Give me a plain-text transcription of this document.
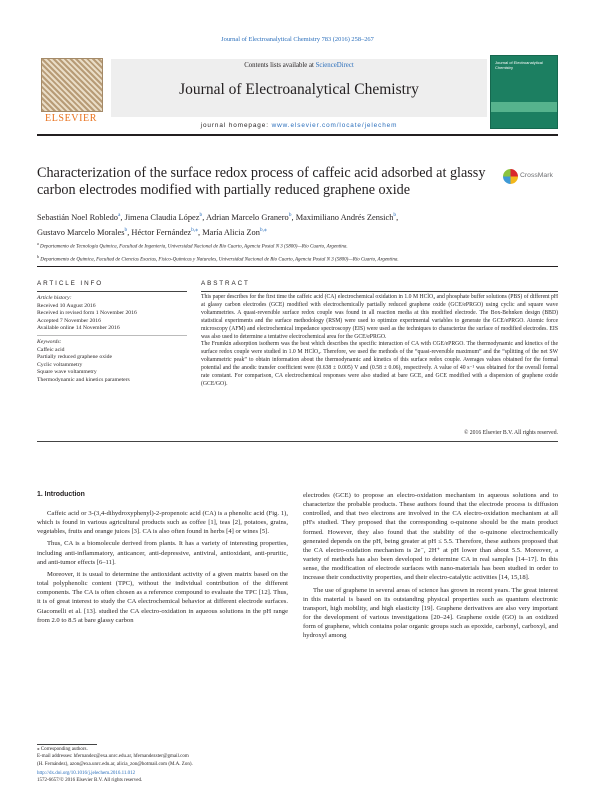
Journal of Electroanalytical Chemistry 783 (2016) 258–267
ELSEVIER
Contents lists available at ScienceDirect
Journal of Electroanalytical Chemistry
journal homepage: www.elsevier.com/locate/jelechem
Journal of Electroanalytical Chemistry
Characterization of the surface redox process of caffeic acid adsorbed at glassy carbon electrodes modified with partially reduced graphene oxide
CrossMark
Sebastián Noel Robledo$^a$, Jimena Claudia López$^b$, Adrian Marcelo Granero$^b$, Maximiliano Andrés Zensich$^b$,
Gustavo Marcelo Morales$^b$, Héctor Fernández$^{b,⁎}$, María Alicia Zon$^{b,⁎}$
$^a$ Departamento de Tecnología Química, Facultad de Ingeniería, Universidad Nacional de Río Cuarto, Agencia Postal N 3 (5800)—Río Cuarto, Argentina.
$^b$ Departamento de Química, Facultad de Ciencias Exactas, Físico-Químicas y Naturales, Universidad Nacional de Río Cuarto, Agencia Postal N 3 (5800)—Río Cuarto, Argentina.
ARTICLE INFO
Article history:
Received 10 August 2016
Received in revised form 1 November 2016
Accepted 7 November 2016
Available online 14 November 2016
Keywords:
Caffeic acid
Partially reduced graphene oxide
Cyclic voltammetry
Square wave voltammetry
Thermodynamic and kinetics parameters
ABSTRACT
This paper describes for the first time the caffeic acid (CA) electrochemical oxidation in 1.0 M HClO₄ and phosphate buffer solutions (PBS) of different pH at glassy carbon electrodes (GCE) modified with electrochemically partially reduced graphene oxide (GCE/ePRGO) using cyclic and square wave voltammetries. A quasi-reversible surface redox couple was found in all reaction media at this modified electrode. The Box-Behnken design (BBD) statistical experiments and the surface methodology (RSM) were used to optimize experimental variables to generate the GCE/ePRGO. Atomic force microscopy (AFM) and electrochemical impedance spectroscopy (EIS) were used as the techniques to characterize the surface of modified electrodes. EIS was also used to determine a tentative electrochemical area for the GCE/ePRGO.
The Frumkin adsorption isotherm was the best which describes the specific interaction of CA with CGE/ePRGO. The thermodynamic and kinetics of the surface redox couple were studied in 1.0 M HClO₄. Therefore, we used the methods of the “quasi-reversible maximum” and the “splitting of the net SW voltammetric peak” to obtain information about the thermodynamic and kinetics of this surface redox couple. Averages values obtained for the formal potential and the anodic transfer coefficient were (0.638 ± 0.005) V and (0.58 ± 0.06), respectively. A value of 40 s⁻¹ was obtained for the overall formal rate constant. For comparison, CA electrochemical responses were also studied at bare GCE, and GCE modified with a dispersion of graphene oxide (GCE/GO).
© 2016 Elsevier B.V. All rights reserved.
1. Introduction

Caffeic acid or 3-(3,4-dihydroxyphenyl)-2-propenoic acid (CA) is a phenolic acid (Fig. 1), which is found in various agricultural products such as coffee [1], teas [2], potatoes, grains, vegetables, fruits and orange juices [3]. CA is also often found in herbs [4] or wines [5].

Thus, CA is a biomolecule derived from plants. It has a variety of interesting properties, including anti-inflammatory, anticancer, anti-depressive, antiviral, antioxidant, anti-pruritic, and anti-tumor effects [6–11].

Moreover, it is usual to determine the antioxidant activity of a given matrix based on the total polyphenolic content (TPC), without the individual contribution of the different components. The CA is often chosen as a reference compound to evaluate the TPC [12]. Thus, it is of great interest to study the CA electrochemical behavior at different electrode surfaces. Giacomelli et al. [13]. studied the CA electro-oxidation in aqueous solutions in the pH range from 2.0 to 8.5 at bare glassy carbon

electrodes (GCE) to propose an electro-oxidation mechanism in aqueous solutions and to characterize the probable products. These authors found that the electrode process is diffusion controlled, and that two electrons are involved in the CA electro-oxidation mechanism at all pH's studied. They proposed that the corresponding o-quinone should be the main product formed. However, they also found that the stability of the o-quinone electrochemically generated depends on the pH, being greater at pH ≤ 5.5. Therefore, these authors proposed that the CA electro-oxidation mechanism is 2e⁻, 2H⁺ at pH lower than about 5.5. Moreover, a variety of methods has also been developed to determine CA in real samples [14–17]. In this sense, the modification of electrode surfaces with nano-materials has been studied in order to increase their conductivity properties, and their electro-catalytic activities [14, 15,18].

The use of graphene in several areas of science has grown in recent years. The great interest in this material is based on its outstanding physical properties such as quantum electronic transport, high mobility, and high elasticity [19]. Graphene derivatives are also very important for the development of various investigations [20–24]. Graphene oxide (GO) is an oxidized form of graphene, which contains polar organic groups such as epoxide, carbonyl, carboxyl, and hydroxyl among

⁎ Corresponding authors.
E-mail addresses: hfernandez@exa.unrc.edu.ar, hfernandezster@gmail.com
(H. Fernández), azon@exa.unrc.edu.ar, alicia_zon@hotmail.com (M.A. Zon).
http://dx.doi.org/10.1016/j.jelechem.2016.11.012
1572-6657/© 2016 Elsevier B.V. All rights reserved.
